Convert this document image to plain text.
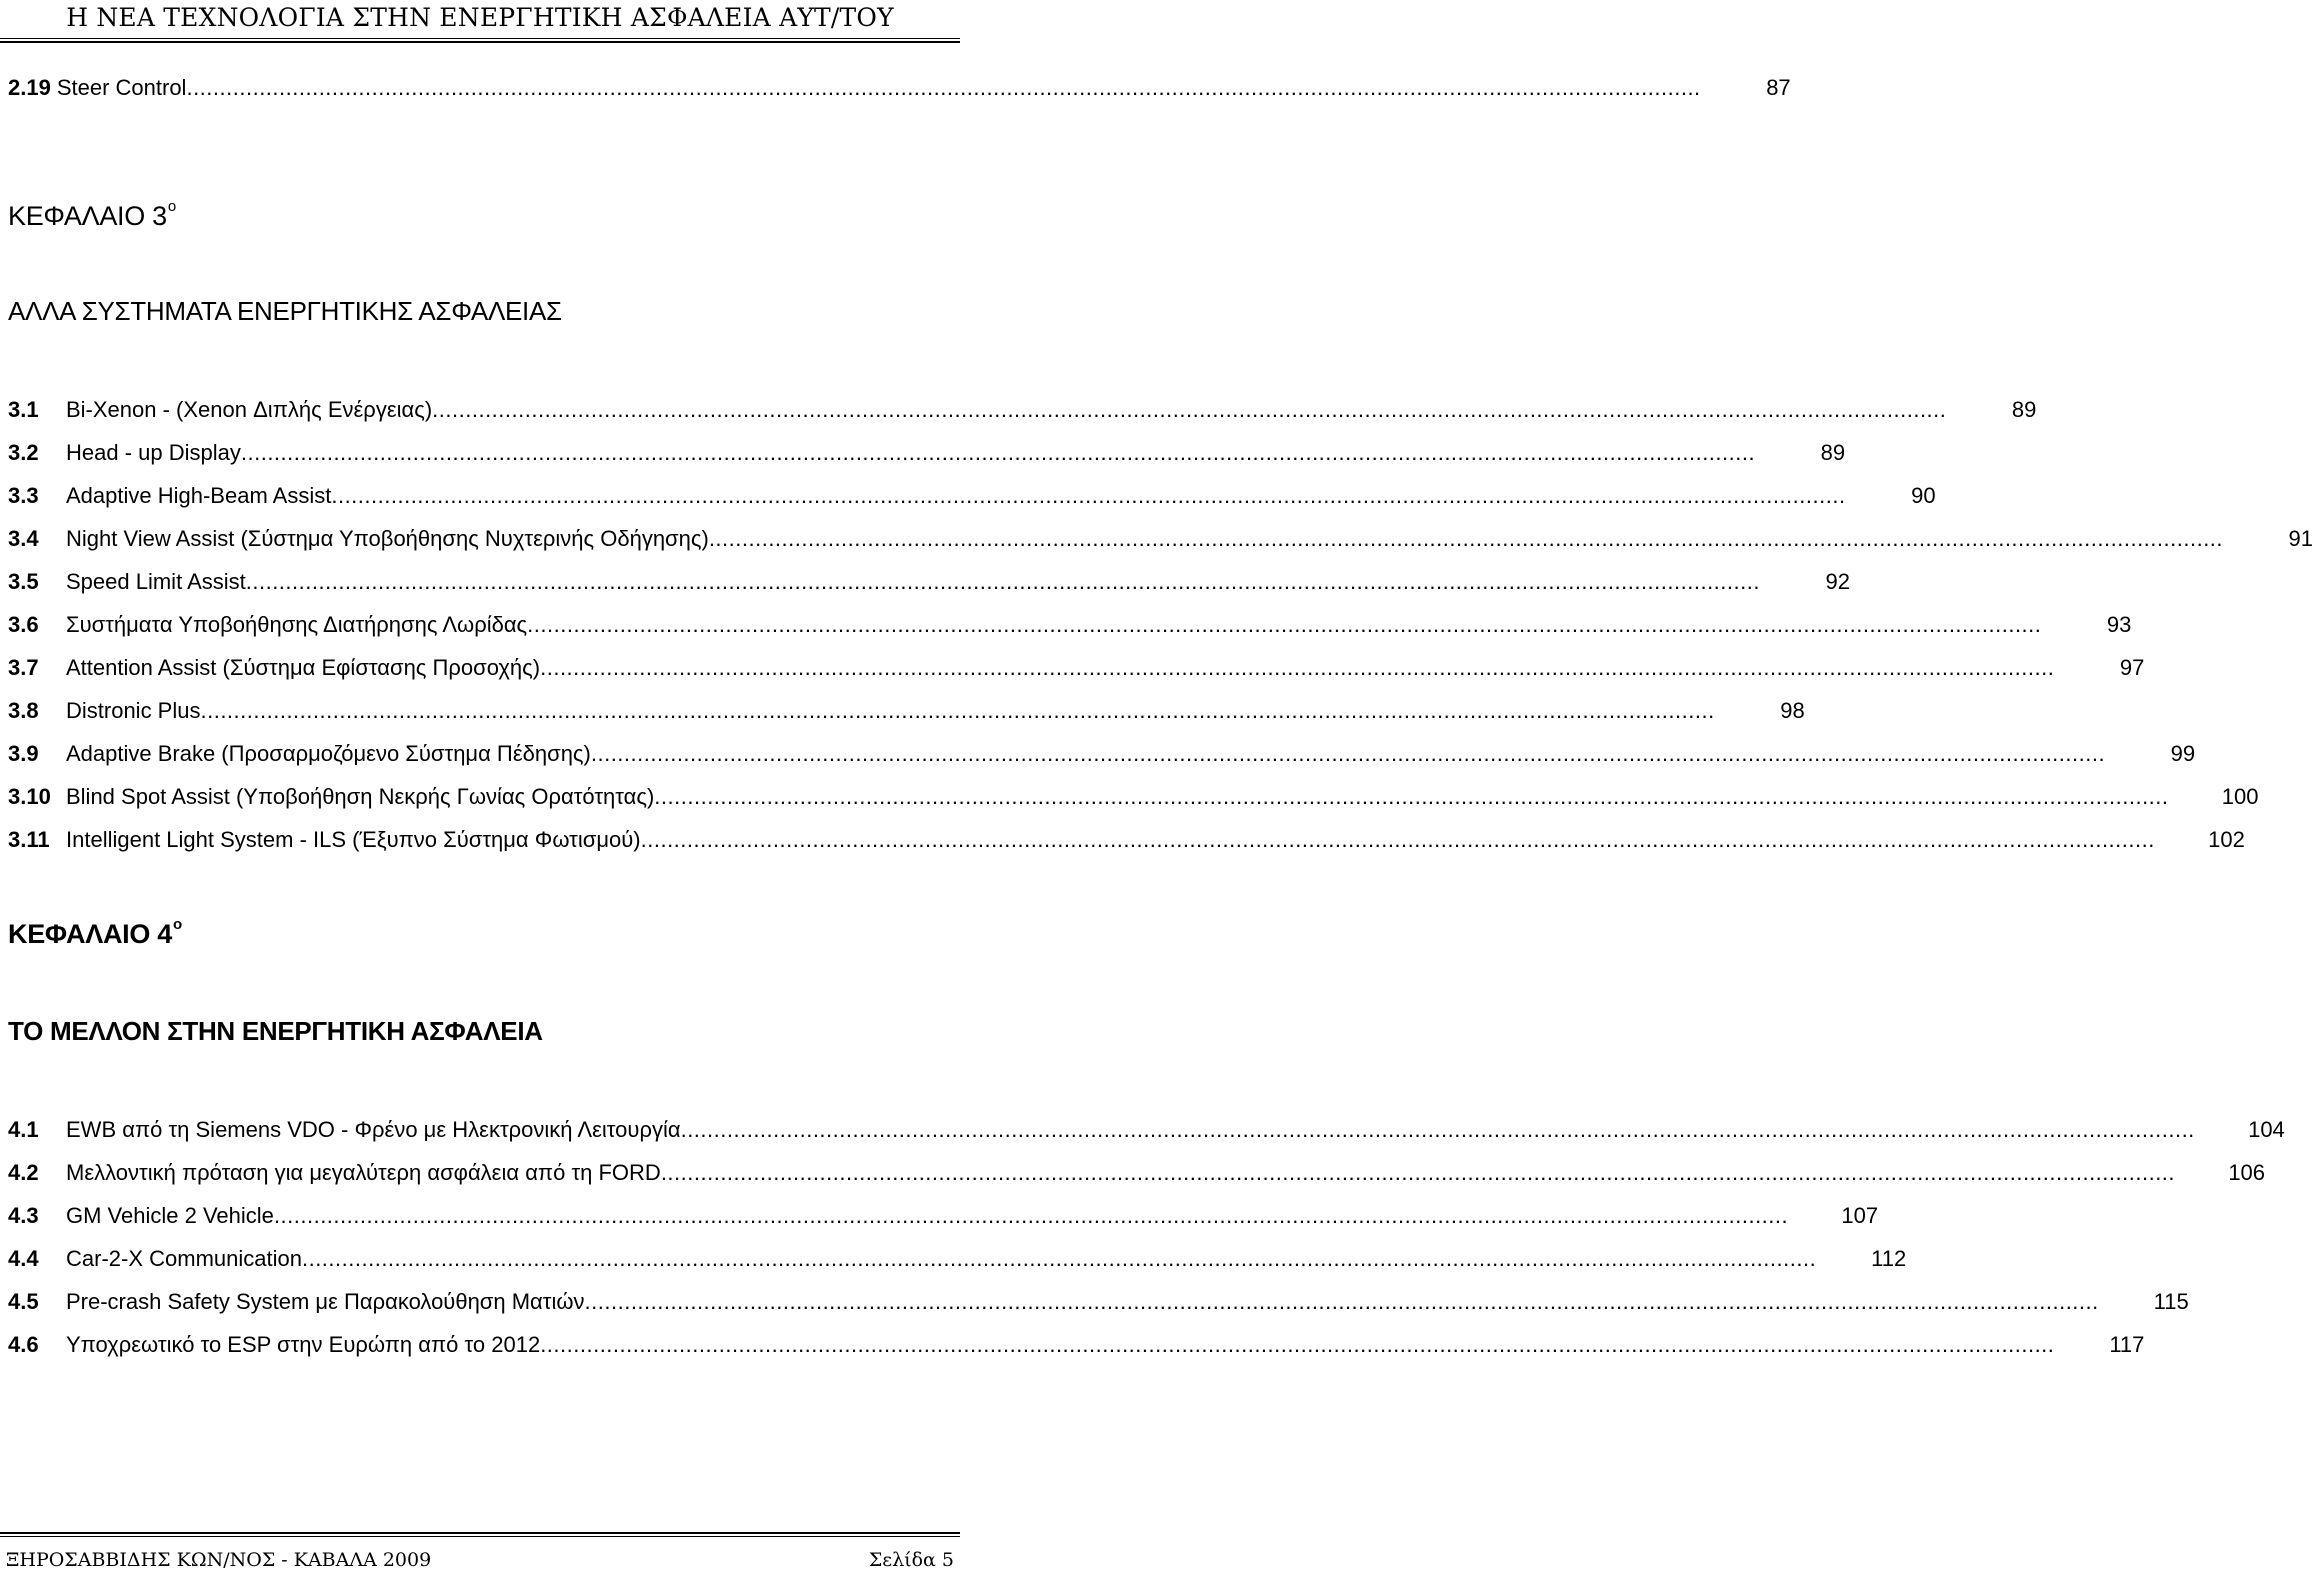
Η ΝΕΑ ΤΕΧΝΟΛΟΓΙΑ ΣΤΗΝ ΕΝΕΡΓΗΤΙΚΗ ΑΣΦΑΛΕΙΑ ΑΥΤ/ΤΟΥ
2.19 Steer Control .....	87
ΚΕΦΑΛΑΙΟ $3^o$
ΑΛΛΑ ΣΥΣΤΗΜΑΤΑ ΕΝΕΡΓΗΤΙΚΗΣ ΑΣΦΑΛΕΙΑΣ
3.1	Bi-Xenon - (Xenon Διπλής Ενέργειας) .....	89
3.2	Head - up Display .....	89
3.3	Adaptive High-Beam Assist .....	90
3.4	Night View Assist (Σύστημα Υποβοήθησης Νυχτερινής Οδήγησης) .....	91
3.5	Speed Limit Assist .....	92
3.6	Συστήματα Υποβοήθησης Διατήρησης Λωρίδας .....	93
3.7	Attention Assist (Σύστημα Εφίστασης Προσοχής) .....	97
3.8	Distronic Plus .....	98
3.9	Adaptive Brake (Προσαρμοζόμενο Σύστημα Πέδησης) .....	99
3.10 Blind Spot Assist (Υποβοήθηση Νεκρής Γωνίας Ορατότητας) .....	100
3.11 Intelligent Light System - ILS (Έξυπνο Σύστημα Φωτισμού) .....	102
ΚΕΦΑΛΑΙΟ $4^o$
ΤΟ ΜΕΛΛΟΝ ΣΤΗΝ ΕΝΕΡΓΗΤΙΚΗ ΑΣΦΑΛΕΙΑ
4.1	EWB από τη Siemens VDO - Φρένο με Ηλεκτρονική Λειτουργία .....	104
4.2	Μελλοντική πρόταση για μεγαλύτερη ασφάλεια από τη FORD .....	106
4.3	GM Vehicle 2 Vehicle .....	107
4.4	Car-2-X Communication .....	112
4.5	Pre-crash Safety System με Παρακολούθηση Ματιών .....	115
4.6	Υποχρεωτικό το ESP στην Ευρώπη από το 2012 .....	117
ΞΗΡΟΣΑΒΒΙΔΗΣ ΚΩΝ/ΝΟΣ - ΚΑΒΑΛΑ 2009	Σελίδα 5
